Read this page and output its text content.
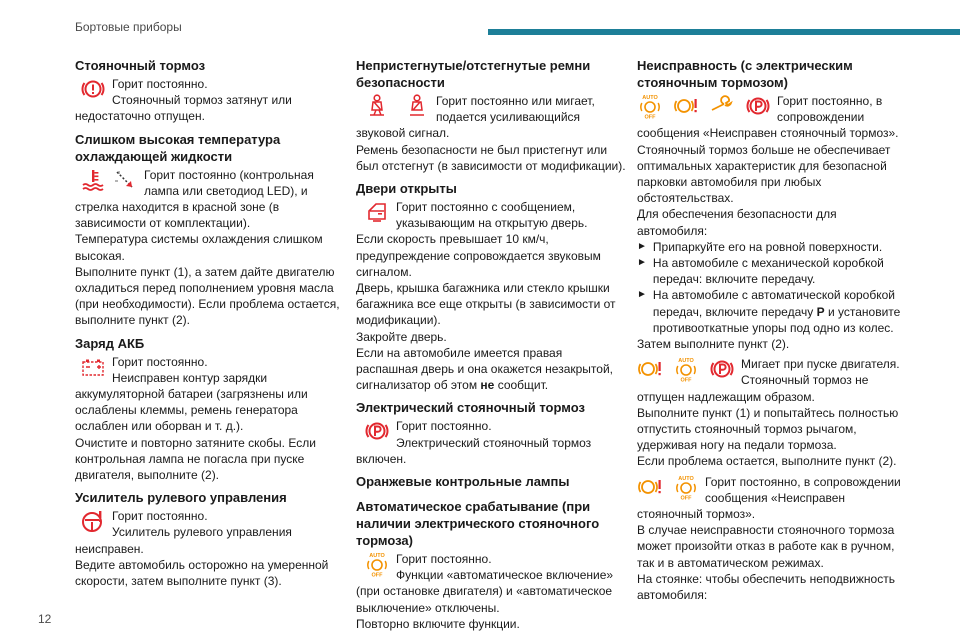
Бортовые приборы
Стояночный тормоз

Горит постоянно.

Стояночный тормоз затянут или недостаточно отпущен.

Слишком высокая температура охлаждающей жидкости

Горит постоянно (контрольная лампа или светодиод LED), и стрелка находится в красной зоне (в зависимости от комплектации).

Температура системы охлаждения слишком высокая.

Выполните пункт (1), а затем дайте двигателю охладиться перед пополнением уровня масла (при необходимости). Если проблема остается, выполните пункт (2).

Заряд АКБ

Горит постоянно.

Неисправен контур зарядки аккумуляторной батареи (загрязнены или ослаблены клеммы, ремень генератора ослаблен или оборван и т. д.).

Очистите и повторно затяните скобы. Если контрольная лампа не погасла при пуске двигателя, выполните (2).

Усилитель рулевого управления

Горит постоянно.

Усилитель рулевого управления неисправен.

Ведите автомобиль осторожно на умеренной скорости, затем выполните пункт (3).

Непристегнутые/отстегнутые ремни безопасности

Горит постоянно или мигает, подается усиливающийся звуковой сигнал.

Ремень безопасности не был пристегнут или был отстегнут (в зависимости от модификации).

Двери открыты

Горит постоянно с сообщением, указывающим на открытую дверь.

Если скорость превышает 10 км/ч, предупреждение сопровождается звуковым сигналом.

Дверь, крышка багажника или стекло крышки багажника все еще открыты (в зависимости от модификации).

Закройте дверь.

Если на автомобиле имеется правая распашная дверь и она окажется незакрытой, сигнализатор об этом не сообщит.

Электрический стояночный тормоз

Горит постоянно.

Электрический стояночный тормоз включен.

Оранжевые контрольные лампы
Автоматическое срабатывание (при наличии электрического стояночного тормоза)
AUTO
OFF

Горит постоянно.

Функции «автоматическое включение» (при остановке двигателя) и «автоматическое выключение» отключены.

Повторно включите функции.

Неисправность (с электрическим стояночным тормозом)
AUTO
OFF

Горит постоянно, в сопровождении сообщения «Неисправен стояночный тормоз».

Стояночный тормоз больше не обеспечивает оптимальных характеристик для безопасной парковки автомобиля при любых обстоятельствах.

Для обеспечения безопасности для автомобиля:

► Припаркуйте его на ровной поверхности.
► На автомобиле с механической коробкой передач: включите передачу.
► На автомобиле с автоматической коробкой передач, включите передачу P и установите противооткатные упоры под одно из колес.

Затем выполните пункт (2).

AUTO
OFF

Мигает при пуске двигателя.

Стояночный тормоз не отпущен надлежащим образом.

Выполните пункт (1) и попытайтесь полностью отпустить стояночный тормоз рычагом, удерживая ногу на педали тормоза.

Если проблема остается, выполните пункт (2).

AUTO
OFF

Горит постоянно, в сопровождении сообщения «Неисправен стояночный тормоз».

В случае неисправности стояночного тормоза может произойти отказ в работе как в ручном, так и в автоматическом режимах.

На стоянке: чтобы обеспечить неподвижность автомобиля:

12
